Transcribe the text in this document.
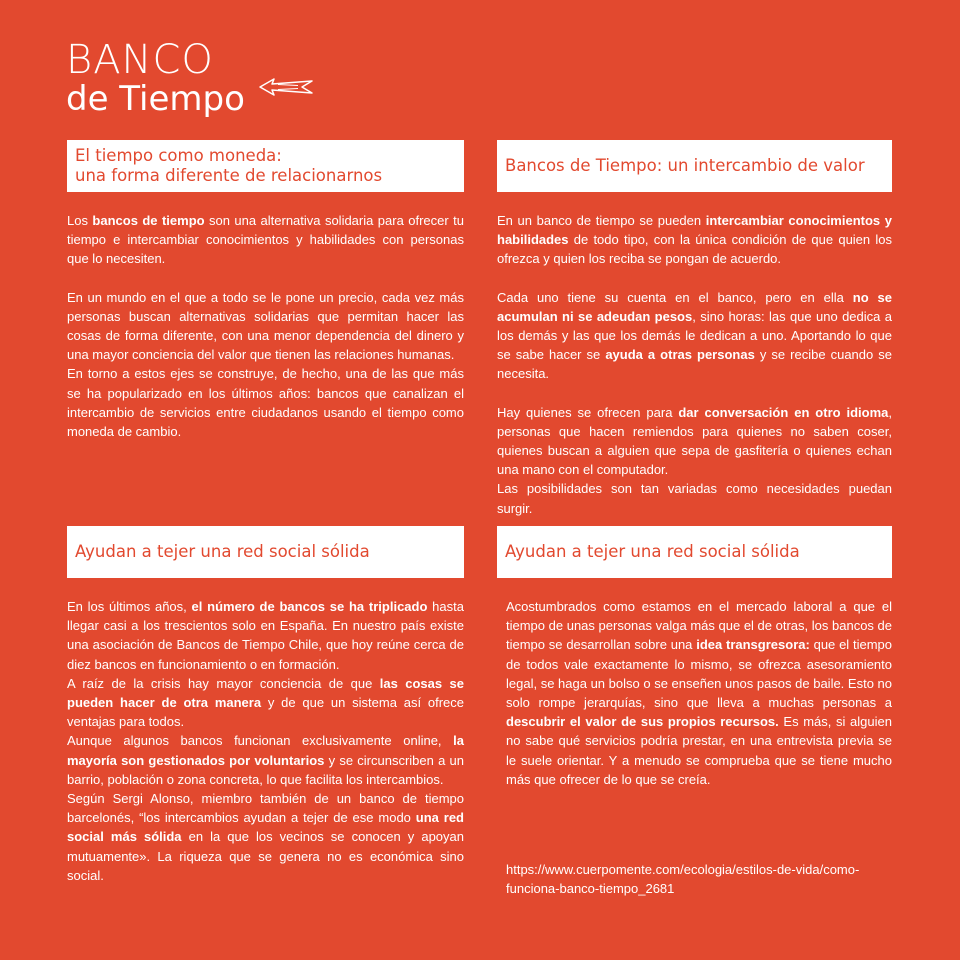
BANCO
de Tiempo
El tiempo como moneda:
una forma diferente de relacionarnos
Bancos de Tiempo: un intercambio de valor
Ayudan a tejer una red social sólida	Ayudan a tejer una red social sólida

Los bancos de tiempo son una alternativa solidaria para ofrecer tu tiempo e intercambiar conocimientos y habilidades con personas que lo necesiten.

En un mundo en el que a todo se le pone un precio, cada vez más personas buscan alternativas solidarias que permitan hacer las cosas de forma diferente, con una menor dependencia del dinero y una mayor conciencia del valor que tienen las relaciones humanas.

En torno a estos ejes se construye, de hecho, una de las que más se ha popularizado en los últimos años: bancos que canalizan el intercambio de servicios entre ciudadanos usando el tiempo como moneda de cambio.

En un banco de tiempo se pueden intercambiar conocimientos y habilidades de todo tipo, con la única condición de que quien los ofrezca y quien los reciba se pongan de acuerdo.

Cada uno tiene su cuenta en el banco, pero en ella no se acumulan ni se adeudan pesos, sino horas: las que uno dedica a los demás y las que los demás le dedican a uno. Aportando lo que se sabe hacer se ayuda a otras personas y se recibe cuando se necesita.

Hay quienes se ofrecen para dar conversación en otro idioma, personas que hacen remiendos para quienes no saben coser, quienes buscan a alguien que sepa de gasfitería o quienes echan una mano con el computador.

Las posibilidades son tan variadas como necesidades puedan surgir.

En los últimos años, el número de bancos se ha triplicado hasta llegar casi a los trescientos solo en España. En nuestro país existe una asociación de Bancos de Tiempo Chile, que hoy reúne cerca de diez bancos en funcionamiento o en formación.

A raíz de la crisis hay mayor conciencia de que las cosas se pueden hacer de otra manera y de que un sistema así ofrece ventajas para todos.

Aunque algunos bancos funcionan exclusivamente online, la mayoría son gestionados por voluntarios y se circunscriben a un barrio, población o zona concreta, lo que facilita los intercambios.

Según Sergi Alonso, miembro también de un banco de tiempo barcelonés, “los intercambios ayudan a tejer de ese modo una red social más sólida en la que los vecinos se conocen y apoyan mutuamente». La riqueza que se genera no es económica sino social.

Acostumbrados como estamos en el mercado laboral a que el tiempo de unas personas valga más que el de otras, los bancos de tiempo se desarrollan sobre una idea transgresora: que el tiempo de todos vale exactamente lo mismo, se ofrezca asesoramiento legal, se haga un bolso o se enseñen unos pasos de baile. Esto no solo rompe jerarquías, sino que lleva a muchas personas a descubrir el valor de sus propios recursos. Es más, si alguien no sabe qué servicios podría prestar, en una entrevista previa se le suele orientar. Y a menudo se comprueba que se tiene mucho más que ofrecer de lo que se creía.

https://www.cuerpomente.com/ecologia/estilos-de-vida/como-funciona-banco-tiempo_2681
